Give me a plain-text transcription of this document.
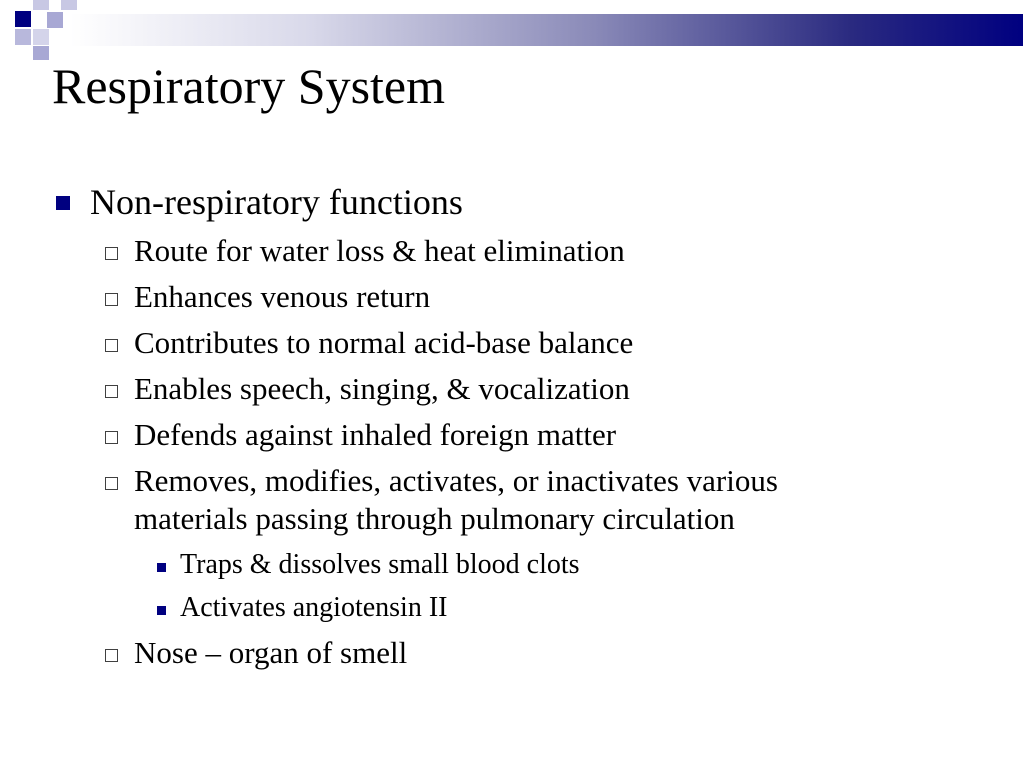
Respiratory System
Non-respiratory functions
Route for water loss & heat elimination
Enhances venous return
Contributes to normal acid-base balance
Enables speech, singing, & vocalization
Defends against inhaled foreign matter
Removes, modifies, activates, or inactivates various
materials passing through pulmonary circulation
Traps & dissolves small blood clots
Activates angiotensin II
Nose – organ of smell
